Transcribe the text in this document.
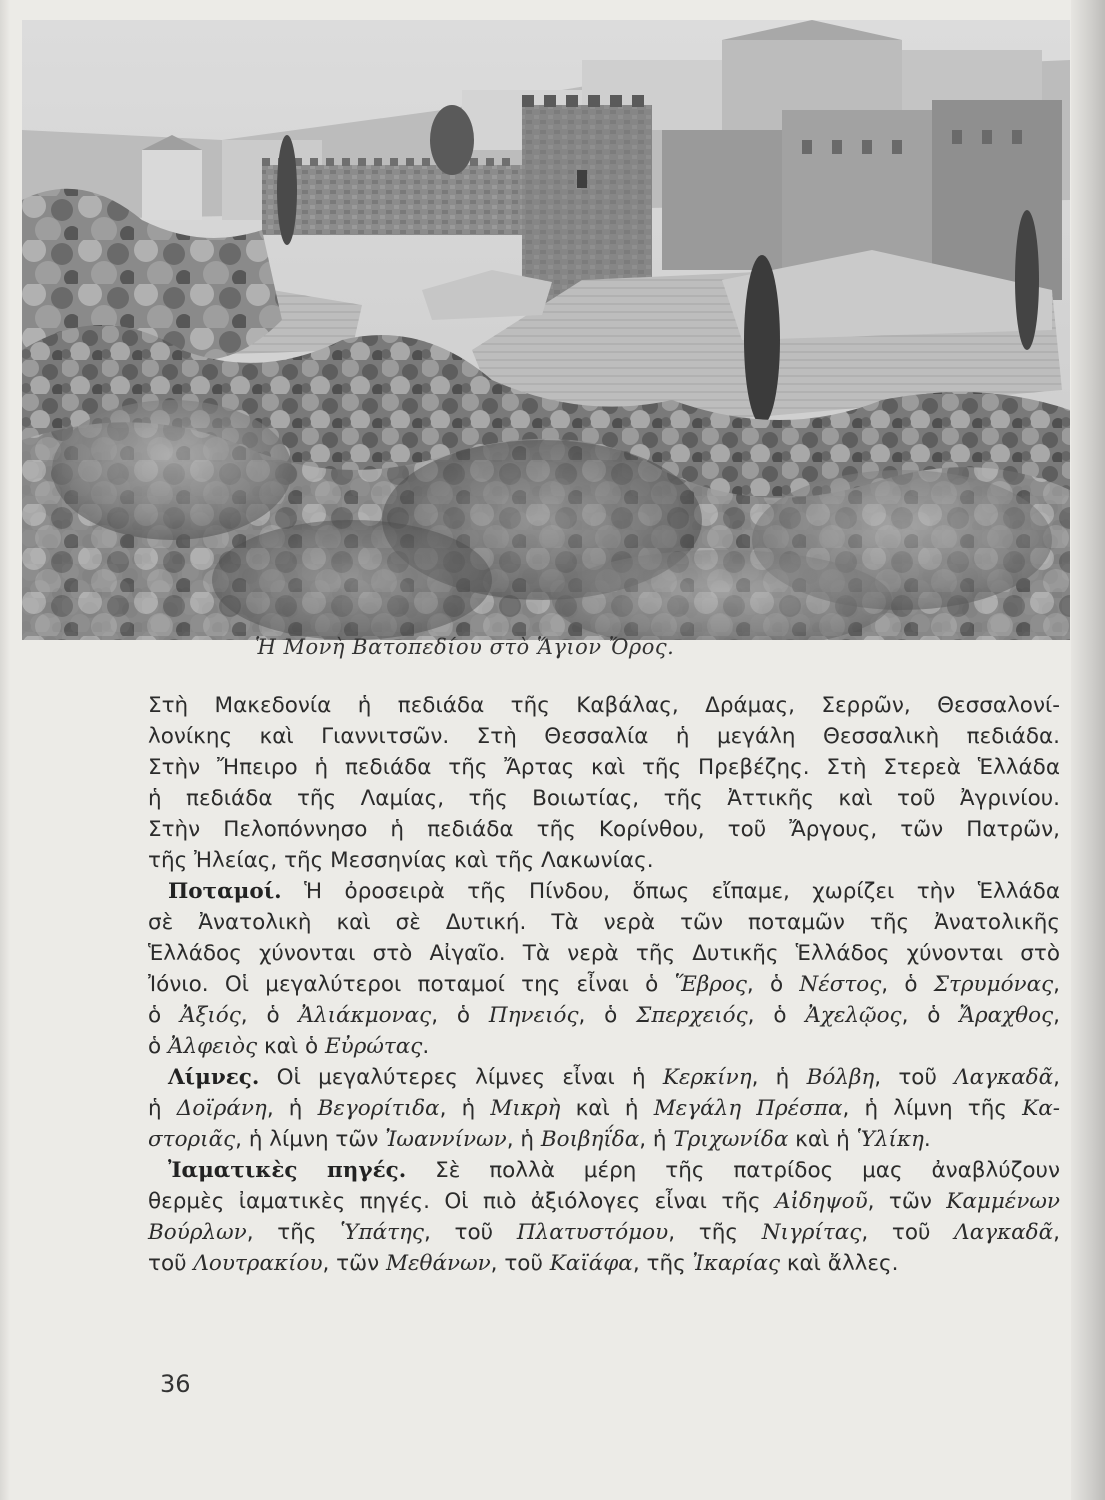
Ἡ Μονὴ Βατοπεδίου στὸ Ἅγιον Ὄρος.

Στὴ Μακεδονία ἡ πεδιάδα τῆς Καβάλας, Δράμας, Σερρῶν, Θεσσαλονί-
λονίκης καὶ Γιαννιτσῶν. Στὴ Θεσσαλία ἡ μεγάλη Θεσσαλικὴ πεδιάδα.
Στὴν Ἤπειρο ἡ πεδιάδα τῆς Ἄρτας καὶ τῆς Πρεβέζης. Στὴ Στερεὰ Ἑλλάδα
ἡ πεδιάδα τῆς Λαμίας, τῆς Βοιωτίας, τῆς Ἀττικῆς καὶ τοῦ Ἀγρινίου.
Στὴν Πελοπόννησο ἡ πεδιάδα τῆς Κορίνθου, τοῦ Ἄργους, τῶν Πατρῶν,
τῆς Ἠλείας, τῆς Μεσσηνίας καὶ τῆς Λακωνίας.

Ποταμοί. Ἡ ὀροσειρὰ τῆς Πίνδου, ὅπως εἴπαμε, χωρίζει τὴν Ἑλλάδα
σὲ Ἀνατολικὴ καὶ σὲ Δυτική. Τὰ νερὰ τῶν ποταμῶν τῆς Ἀνατολικῆς
Ἑλλάδος χύνονται στὸ Αἰγαῖο. Τὰ νερὰ τῆς Δυτικῆς Ἑλλάδος χύνονται στὸ
Ἰόνιο. Οἱ μεγαλύτεροι ποταμοί της εἶναι ὁ Ἕβρος, ὁ Νέστος, ὁ Στρυμόνας,
ὁ Ἀξιός, ὁ Ἀλιάκμονας, ὁ Πηνειός, ὁ Σπερχειός, ὁ Ἀχελῷος, ὁ Ἄραχθος,
ὁ Ἀλφειὸς καὶ ὁ Εὐρώτας.

Λίμνες. Οἱ μεγαλύτερες λίμνες εἶναι ἡ Κερκίνη, ἡ Βόλβη, τοῦ Λαγκαδᾶ,
ἡ Δοϊράνη, ἡ Βεγορίτιδα, ἡ Μικρὴ καὶ ἡ Μεγάλη Πρέσπα, ἡ λίμνη τῆς Κα-
στοριᾶς, ἡ λίμνη τῶν Ἰωαννίνων, ἡ Βοιβηΐδα, ἡ Τριχωνίδα καὶ ἡ Ὑλίκη.

Ἰαματικὲς πηγές. Σὲ πολλὰ μέρη τῆς πατρίδος μας ἀναβλύζουν
θερμὲς ἰαματικὲς πηγές. Οἱ πιὸ ἀξιόλογες εἶναι τῆς Αἰδηψοῦ, τῶν Καμμένων
Βούρλων, τῆς Ὑπάτης, τοῦ Πλατυστόμου, τῆς Νιγρίτας, τοῦ Λαγκαδᾶ,
τοῦ Λουτρακίου, τῶν Μεθάνων, τοῦ Καϊάφα, τῆς Ἰκαρίας καὶ ἄλλες.

36
